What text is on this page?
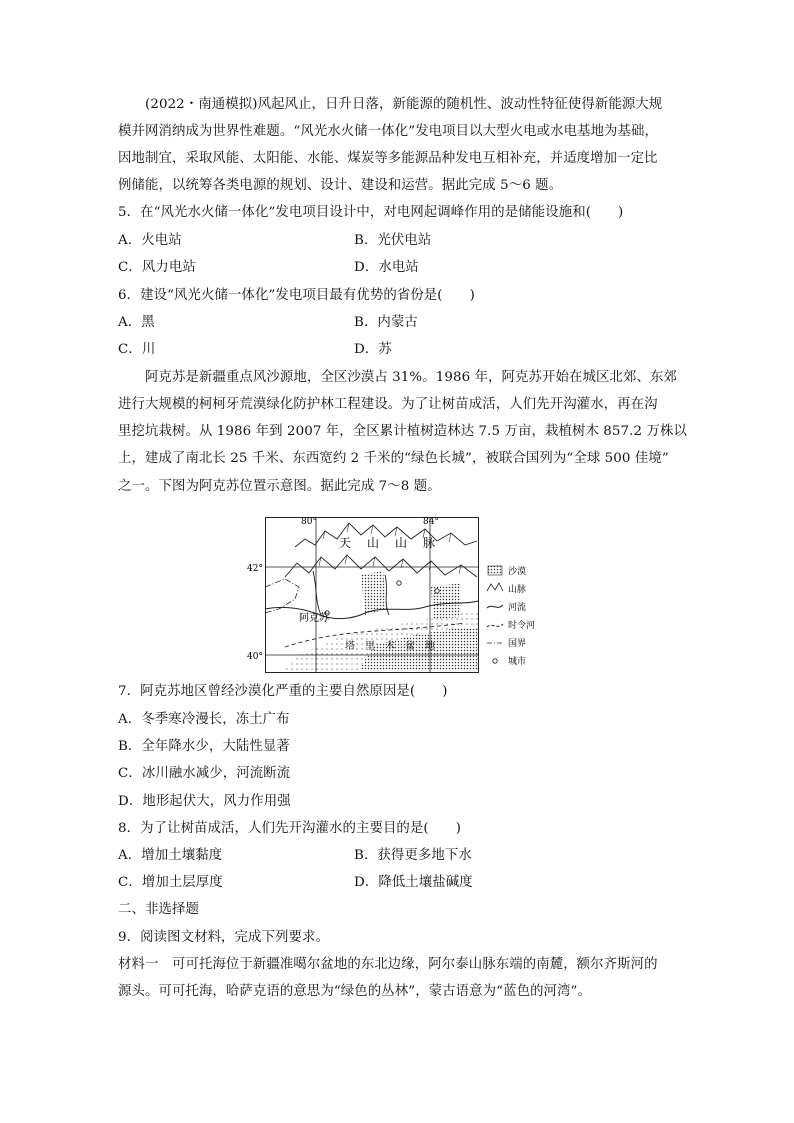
(2022・南通模拟)风起风止，日升日落，新能源的随机性、波动性特征使得新能源大规
模并网消纳成为世界性难题。“风光水火储一体化”发电项目以大型火电或水电基地为基础，
因地制宜，采取风能、太阳能、水能、煤炭等多能源品种发电互相补充，并适度增加一定比
例储能，以统筹各类电源的规划、设计、建设和运营。据此完成 5～6 题。
5．在“风光水火储一体化”发电项目设计中，对电网起调峰作用的是储能设施和(　　)
A．火电站	B．光伏电站
C．风力电站	D．水电站
6．建设“风光火储一体化”发电项目最有优势的省份是(　　)
A．黑	B．内蒙古
C．川	D．苏
阿克苏是新疆重点风沙源地，全区沙漠占 31%。1986 年，阿克苏开始在城区北郊、东郊
进行大规模的柯柯牙荒漠绿化防护林工程建设。为了让树苗成活，人们先开沟灌水，再在沟
里挖坑栽树。从 1986 年到 2007 年，全区累计植树造林达 7.5 万亩，栽植树木 857.2 万株以
上，建成了南北长 25 千米、东西宽约 2 千米的“绿色长城”，被联合国列为“全球 500 佳境”
之一。下图为阿克苏位置示意图。据此完成 7～8 题。
80°	84°
42°
40°
天　山　山　脉
阿克苏
塔　里　木　盆　地
沙漠
山脉
河流
时令河
国界
城市
7．阿克苏地区曾经沙漠化严重的主要自然原因是(　　)
A．冬季寒冷漫长，冻土广布
B．全年降水少，大陆性显著
C．冰川融水减少，河流断流
D．地形起伏大，风力作用强
8．为了让树苗成活，人们先开沟灌水的主要目的是(　　)
A．增加土壤黏度	B．获得更多地下水
C．增加土层厚度	D．降低土壤盐碱度
二、非选择题
9．阅读图文材料，完成下列要求。
材料一　可可托海位于新疆准噶尔盆地的东北边缘，阿尔泰山脉东端的南麓，额尔齐斯河的
源头。可可托海，哈萨克语的意思为“绿色的丛林”，蒙古语意为“蓝色的河湾”。
